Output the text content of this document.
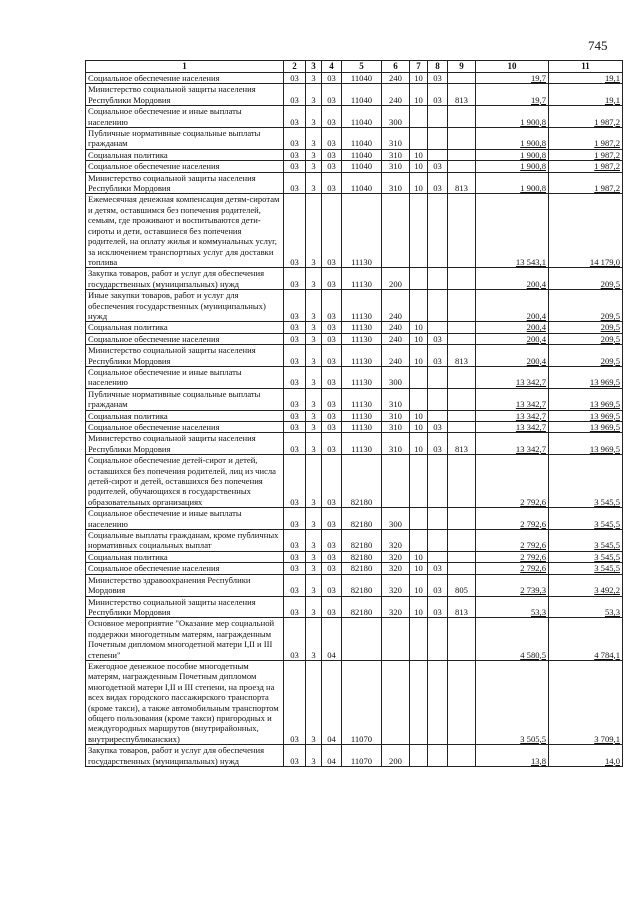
745
1	2	3	4	5	6	7	8	9	10	11
Социальное обеспечение населения	03	3	03	11040	240	10	03		19,7	19,1
Министерство социальной защиты населения Республики Мордовия	03	3	03	11040	240	10	03	813	19,7	19,1
Социальное обеспечение и иные выплаты населению	03	3	03	11040	300				1 900,8	1 987,2
Публичные нормативные социальные выплаты гражданам	03	3	03	11040	310				1 900,8	1 987,2
Социальная политика	03	3	03	11040	310	10			1 900,8	1 987,2
Социальное обеспечение населения	03	3	03	11040	310	10	03		1 900,8	1 987,2
Министерство социальной защиты населения Республики Мордовия	03	3	03	11040	310	10	03	813	1 900,8	1 987,2
Ежемесячная денежная компенсация детям-сиротам и детям, оставшимся без попечения родителей, семьям, где проживают и воспитываются дети-сироты и дети, оставшиеся без попечения родителей, на оплату жилья и коммунальных услуг, за исключением транспортных услуг для доставки топлива	03	3	03	11130					13 543,1	14 179,0
Закупка товаров, работ и услуг для обеспечения государственных (муниципальных) нужд	03	3	03	11130	200				200,4	209,5
Иные закупки товаров, работ и услуг для обеспечения государственных (муниципальных) нужд	03	3	03	11130	240				200,4	209,5
Социальная политика	03	3	03	11130	240	10			200,4	209,5
Социальное обеспечение населения	03	3	03	11130	240	10	03		200,4	209,5
Министерство социальной защиты населения Республики Мордовия	03	3	03	11130	240	10	03	813	200,4	209,5
Социальное обеспечение и иные выплаты населению	03	3	03	11130	300				13 342,7	13 969,5
Публичные нормативные социальные выплаты гражданам	03	3	03	11130	310				13 342,7	13 969,5
Социальная политика	03	3	03	11130	310	10			13 342,7	13 969,5
Социальное обеспечение населения	03	3	03	11130	310	10	03		13 342,7	13 969,5
Министерство социальной защиты населения Республики Мордовия	03	3	03	11130	310	10	03	813	13 342,7	13 969,5
Социальное обеспечение детей-сирот и детей, оставшихся без попечения родителей, лиц из числа детей-сирот и детей, оставшихся без попечения родителей, обучающихся в государственных образовательных организациях	03	3	03	82180					2 792,6	3 545,5
Социальное обеспечение и иные выплаты населению	03	3	03	82180	300				2 792,6	3 545,5
Социальные выплаты гражданам, кроме публичных нормативных социальных выплат	03	3	03	82180	320				2 792,6	3 545,5
Социальная политика	03	3	03	82180	320	10			2 792,6	3 545,5
Социальное обеспечение населения	03	3	03	82180	320	10	03		2 792,6	3 545,5
Министерство здравоохранения Республики Мордовия	03	3	03	82180	320	10	03	805	2 739,3	3 492,2
Министерство социальной защиты населения Республики Мордовия	03	3	03	82180	320	10	03	813	53,3	53,3
Основное мероприятие "Оказание мер социальной поддержки многодетным матерям, награжденным Почетным дипломом многодетной матери I,II и III степени"	03	3	04						4 580,5	4 784,1
Ежегодное денежное пособие многодетным матерям, награжденным Почетным дипломом многодетной матери I,II и III степени, на проезд на всех видах городского пассажирского транспорта (кроме такси), а также автомобильным транспортом общего пользования (кроме такси) пригородных и междугородных маршрутов (внутрирайонных, внутриреспубликанских)	03	3	04	11070					3 505,5	3 709,1
Закупка товаров, работ и услуг для обеспечения государственных (муниципальных) нужд	03	3	04	11070	200				13,8	14,0
